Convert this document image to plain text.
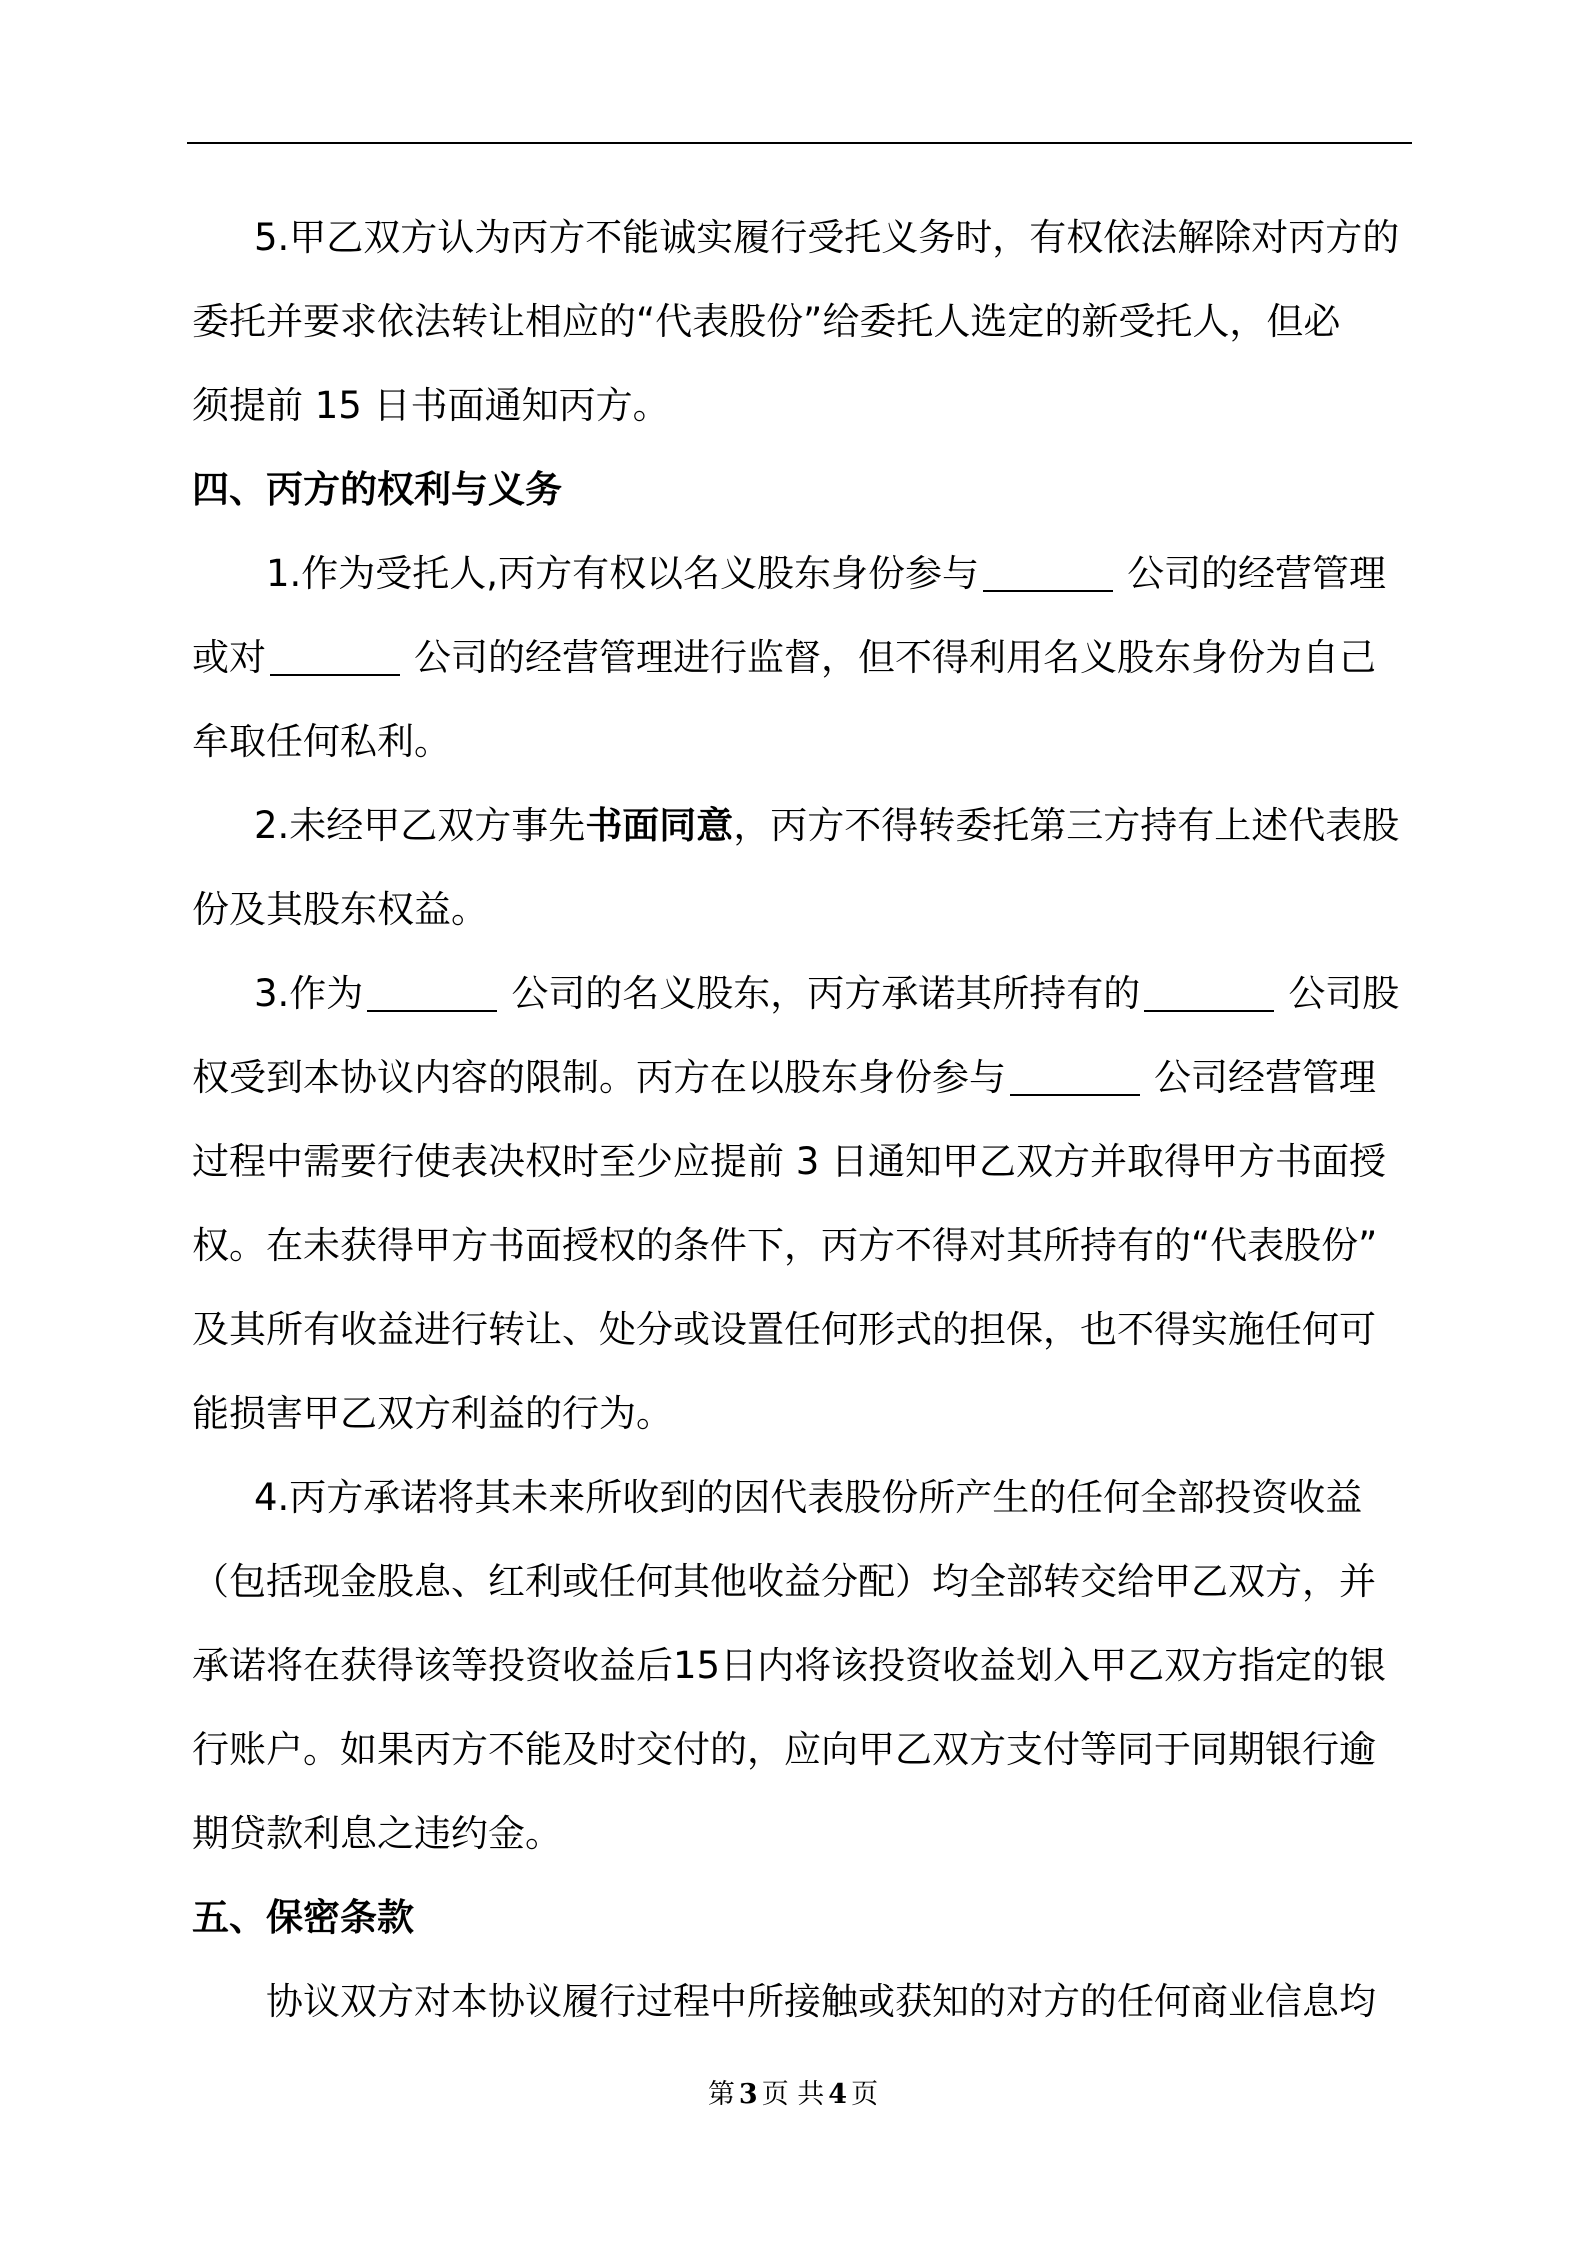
5.甲乙双方认为丙方不能诚实履行受托义务时，有权依法解除对丙方的
委托并要求依法转让相应的“代表股份”给委托人选定的新受托人，但必
须提前 15 日书面通知丙方。
四、丙方的权利与义务
1.作为受托人,丙方有权以名义股东身份参与	公司的经营管理
或对	公司的经营管理进行监督，但不得利用名义股东身份为自己
牟取任何私利。
2.未经甲乙双方事先书面同意，丙方不得转委托第三方持有上述代表股
份及其股东权益。
3.作为	公司的名义股东，丙方承诺其所持有的	公司股
权受到本协议内容的限制。丙方在以股东身份参与	公司经营管理
过程中需要行使表决权时至少应提前 3 日通知甲乙双方并取得甲方书面授
权。在未获得甲方书面授权的条件下，丙方不得对其所持有的“代表股份”
及其所有收益进行转让、处分或设置任何形式的担保，也不得实施任何可
能损害甲乙双方利益的行为。
4.丙方承诺将其未来所收到的因代表股份所产生的任何全部投资收益
（包括现金股息、红利或任何其他收益分配）均全部转交给甲乙双方，并
承诺将在获得该等投资收益后15日内将该投资收益划入甲乙双方指定的银
行账户。如果丙方不能及时交付的，应向甲乙双方支付等同于同期银行逾
期贷款利息之违约金。
五、保密条款
协议双方对本协议履行过程中所接触或获知的对方的任何商业信息均
第 3 页 共 4 页
